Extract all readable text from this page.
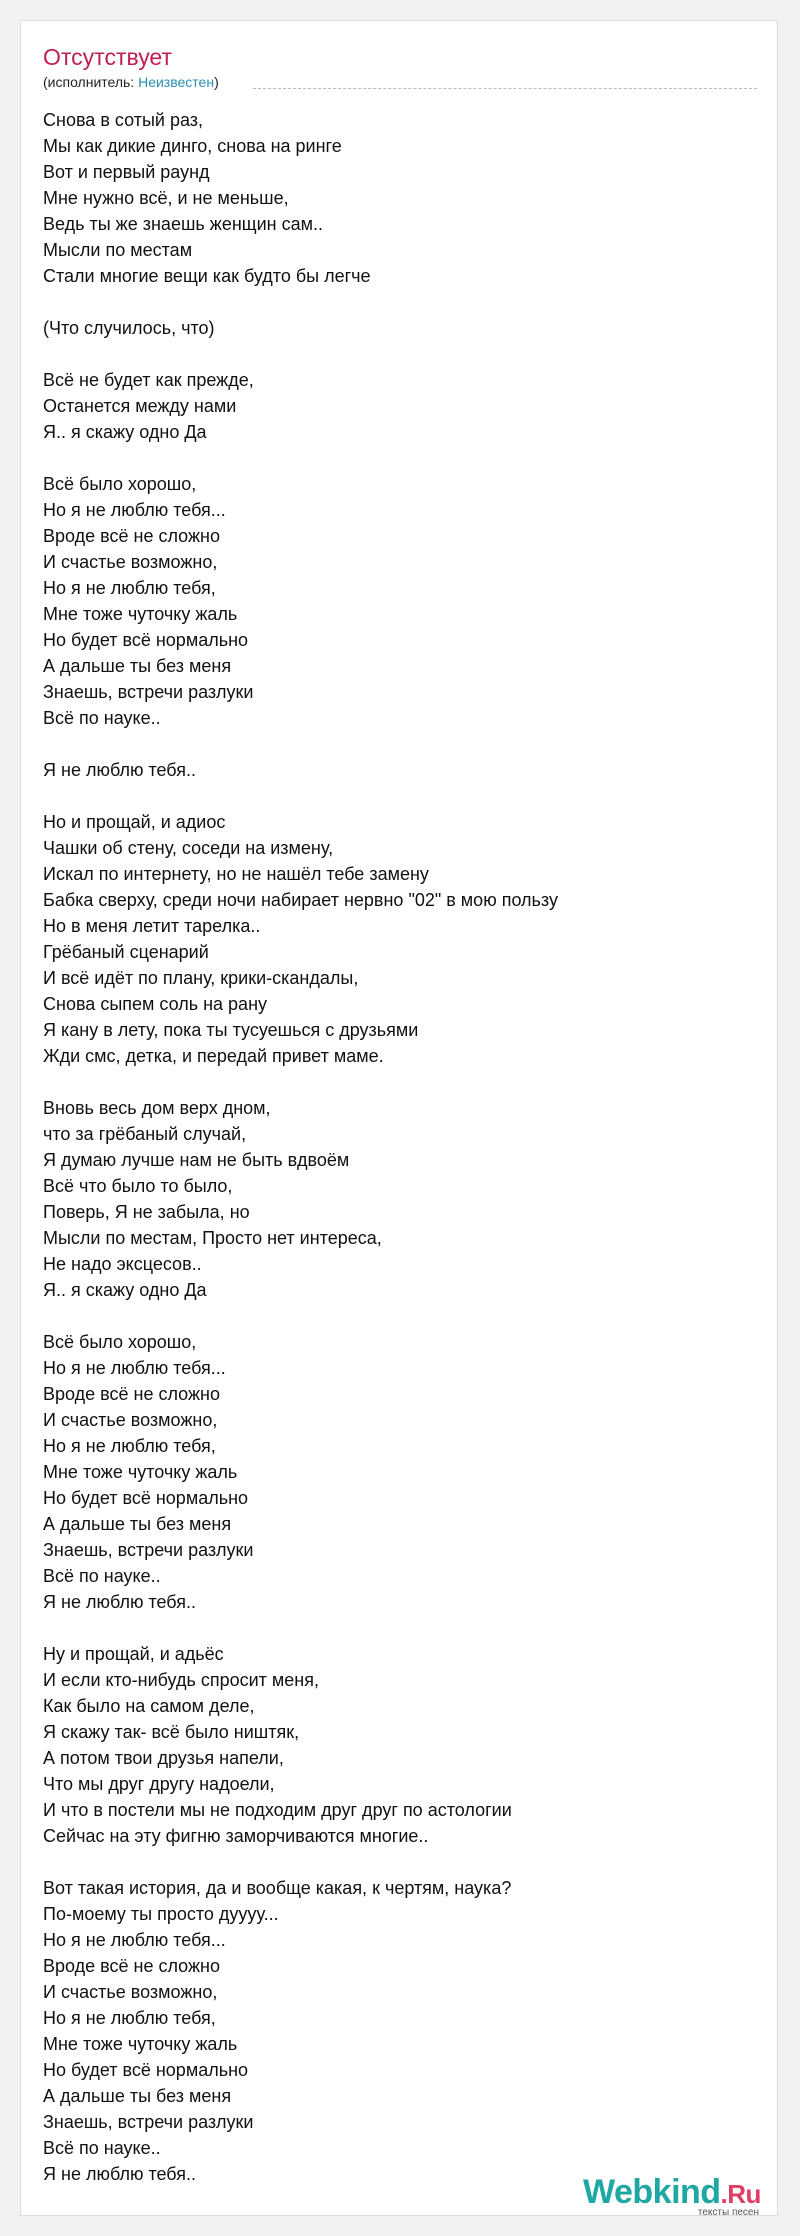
Отсутствует
(исполнитель: Неизвестен)
Снова в сотый раз,
Мы как дикие динго, снова на ринге
Вот и первый раунд
Мне нужно всё, и не меньше,
Ведь ты же знаешь женщин сам..
Мысли по местам
Стали многие вещи как будто бы легче
(Что случилось, что)
Всё не будет как прежде,
Останется между нами
Я.. я скажу одно Да
Всё было хорошо,
Но я не люблю тебя...
Вроде всё не сложно
И счастье возможно,
Но я не люблю тебя,
Мне тоже чуточку жаль
Но будет всё нормально
А дальше ты без меня
Знаешь, встречи разлуки
Всё по науке..
Я не люблю тебя..
Но и прощай, и адиос
Чашки об стену, соседи на измену,
Искал по интернету, но не нашёл тебе замену
Бабка сверху, среди ночи набирает нервно "02" в мою пользу
Но в меня летит тарелка..
Грёбаный сценарий
И всё идёт по плану, крики-скандалы,
Снова сыпем соль на рану
Я кану в лету, пока ты тусуешься с друзьями
Жди смс, детка, и передай привет маме.
Вновь весь дом верх дном,
что за грёбаный случай,
Я думаю лучше нам не быть вдвоём
Всё что было то было,
Поверь, Я не забыла, но
Мысли по местам, Просто нет интереса,
Не надо эксцесов..
Я.. я скажу одно Да
Всё было хорошо,
Но я не люблю тебя...
Вроде всё не сложно
И счастье возможно,
Но я не люблю тебя,
Мне тоже чуточку жаль
Но будет всё нормально
А дальше ты без меня
Знаешь, встречи разлуки
Всё по науке..
Я не люблю тебя..
Ну и прощай, и адьёс
И если кто-нибудь спросит меня,
Как было на самом деле,
Я скажу так- всё было ништяк,
А потом твои друзья напели,
Что мы друг другу надоели,
И что в постели мы не подходим друг друг по астологии
Сейчас на эту фигню заморчиваются многие..
Вот такая история, да и вообще какая, к чертям, наука?
По-моему ты просто дуууу...
Но я не люблю тебя...
Вроде всё не сложно
И счастье возможно,
Но я не люблю тебя,
Мне тоже чуточку жаль
Но будет всё нормально
А дальше ты без меня
Знаешь, встречи разлуки
Всё по науке..
Я не люблю тебя..	Webkind.Ru
тексты песен
